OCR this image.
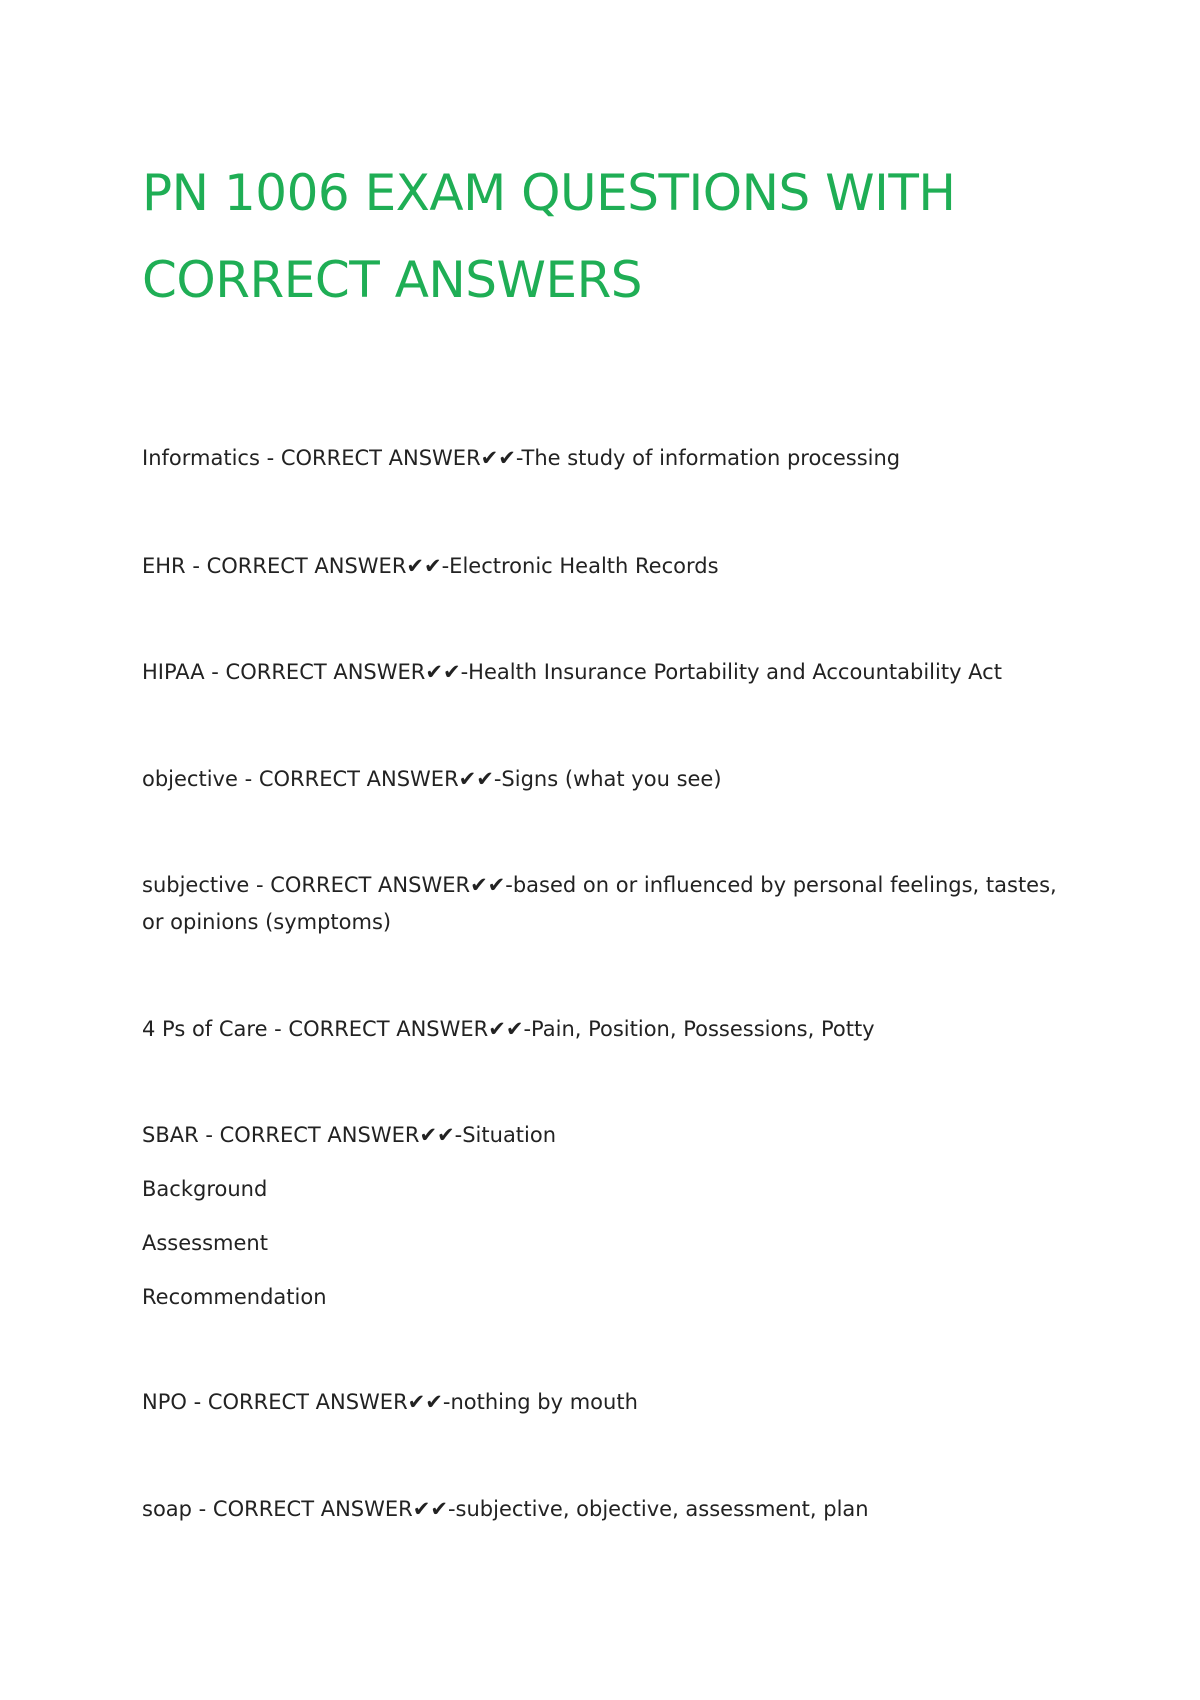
PN 1006 EXAM QUESTIONS WITH
CORRECT ANSWERS

Informatics - CORRECT ANSWER✔✔-The study of information processing

EHR - CORRECT ANSWER✔✔-Electronic Health Records

HIPAA - CORRECT ANSWER✔✔-Health Insurance Portability and Accountability Act

objective - CORRECT ANSWER✔✔-Signs (what you see)

subjective - CORRECT ANSWER✔✔-based on or influenced by personal feelings, tastes, or opinions (symptoms)

4 Ps of Care - CORRECT ANSWER✔✔-Pain, Position, Possessions, Potty

SBAR - CORRECT ANSWER✔✔-Situation
Background
Assessment
Recommendation

NPO - CORRECT ANSWER✔✔-nothing by mouth

soap - CORRECT ANSWER✔✔-subjective, objective, assessment, plan
